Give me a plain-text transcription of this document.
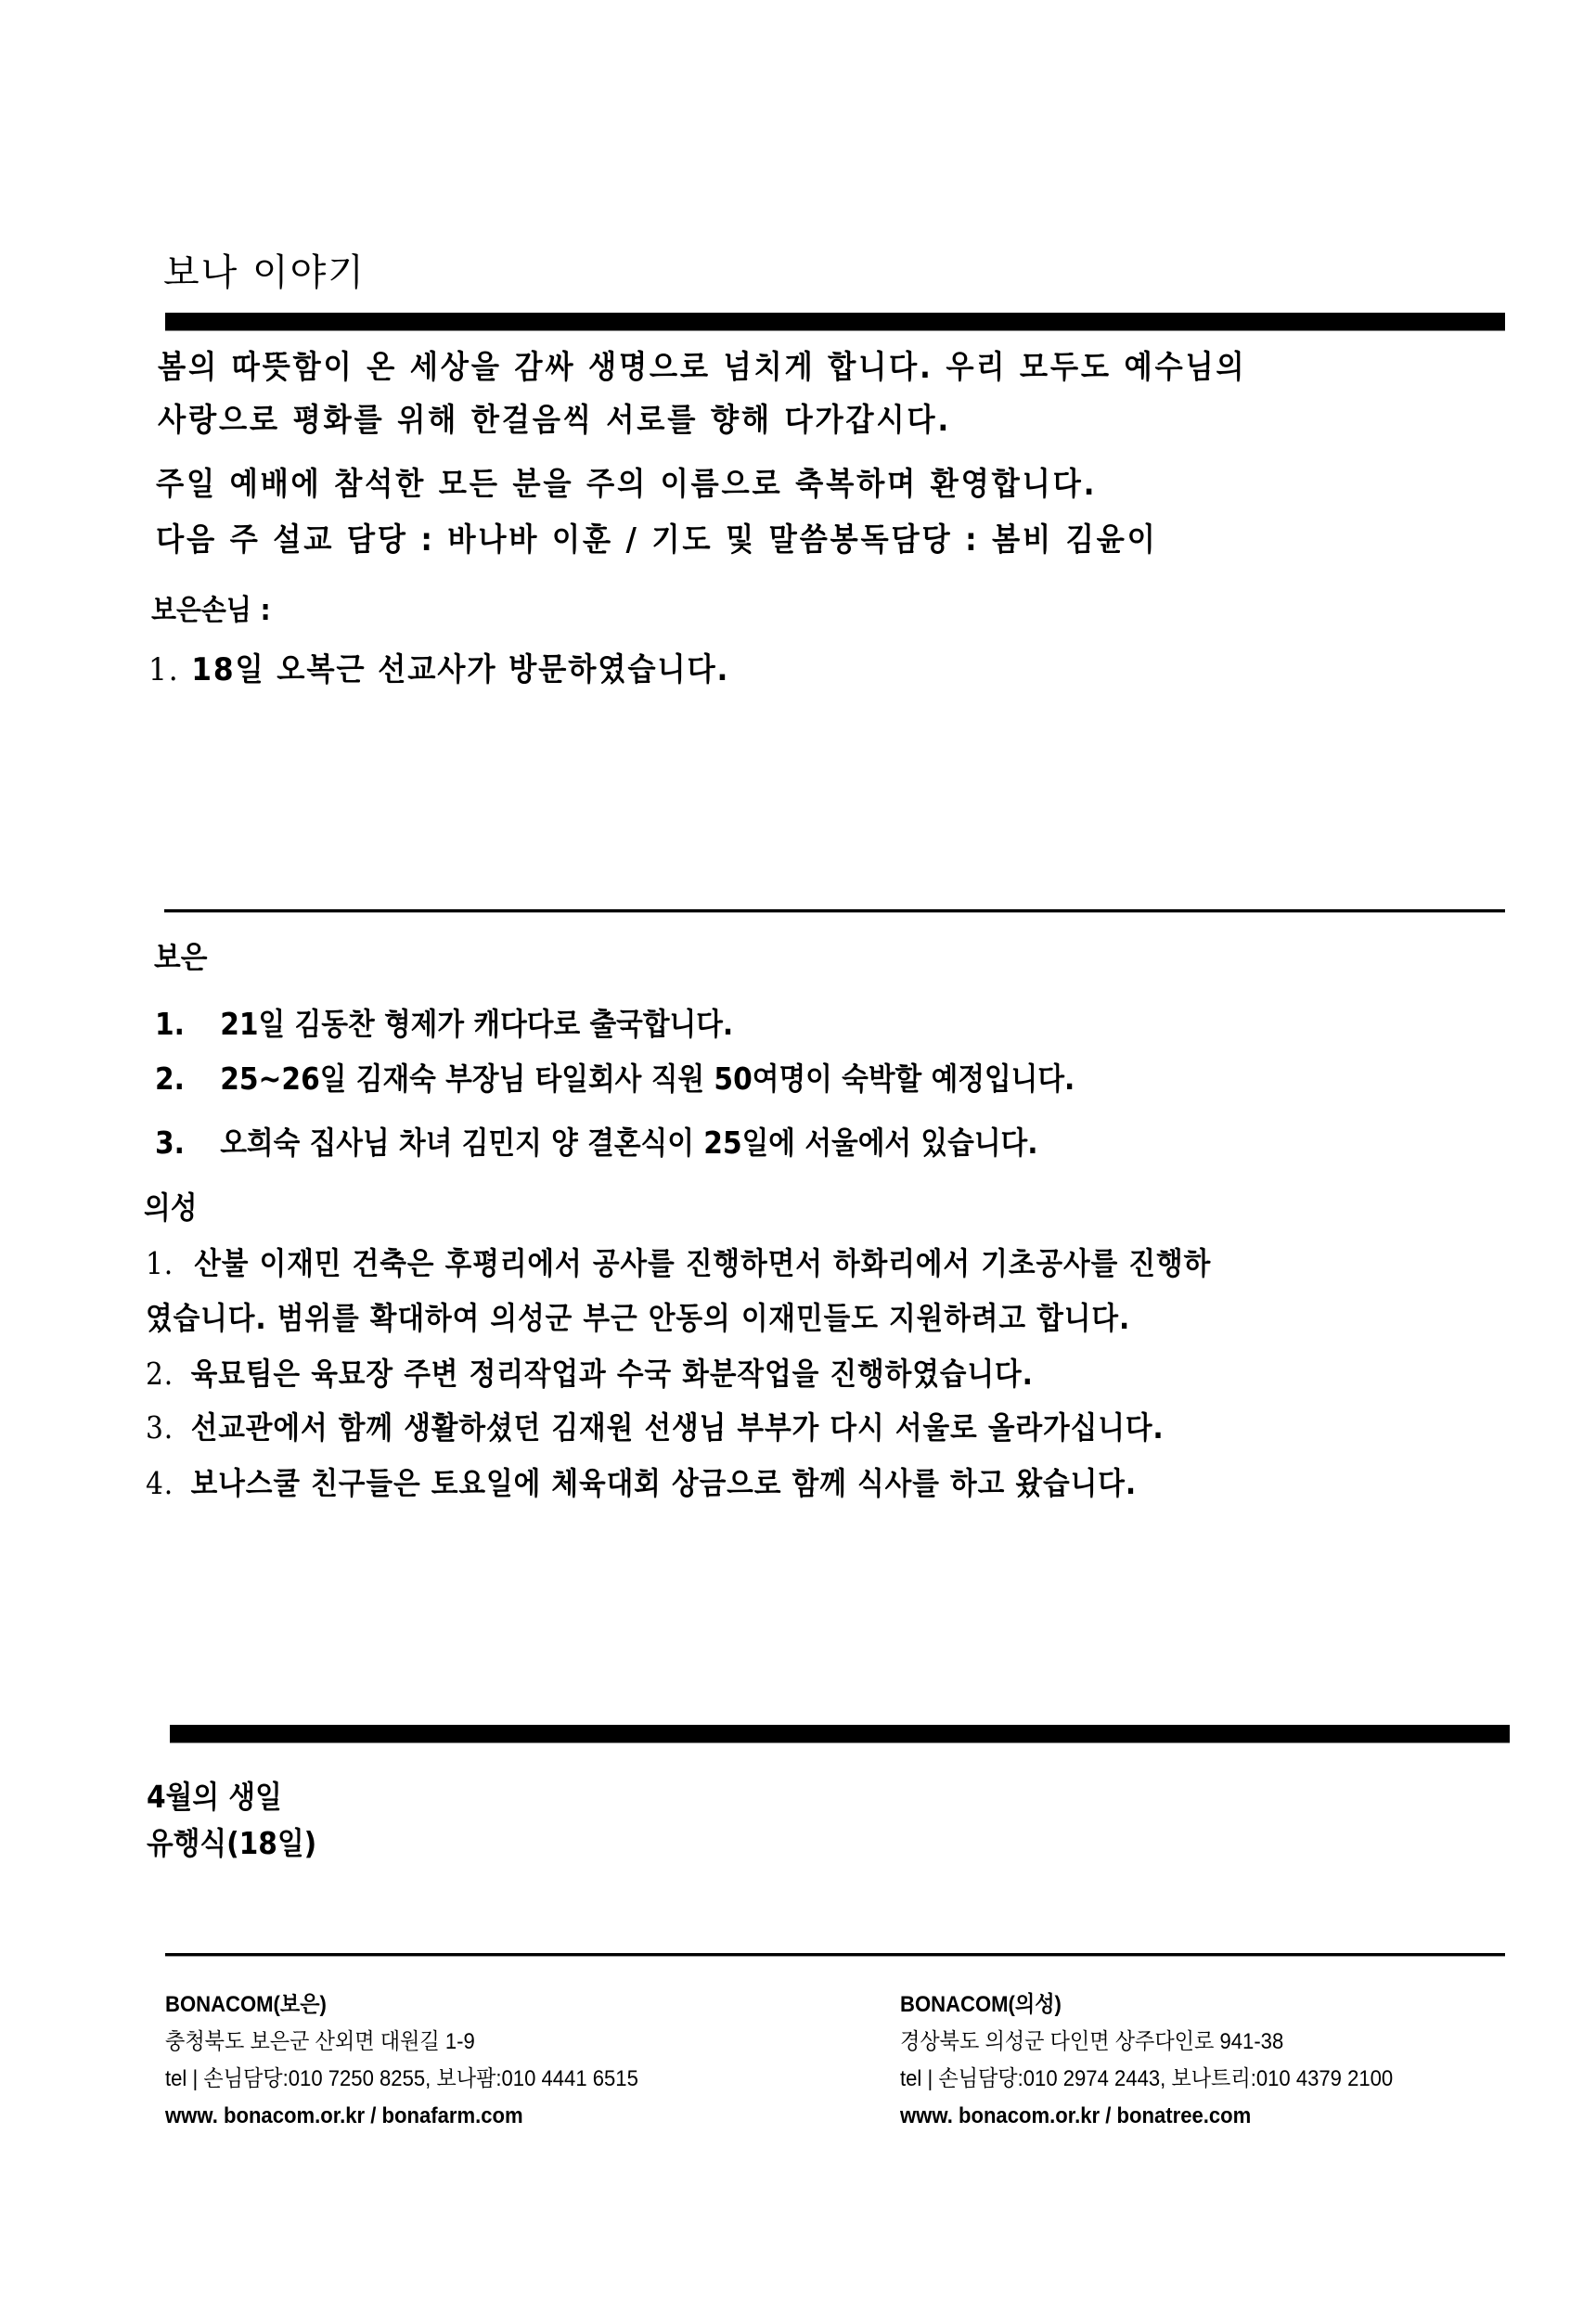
보나 이야기
봄의 따뜻함이 온 세상을 감싸 생명으로 넘치게 합니다. 우리 모두도 예수님의
사랑으로 평화를 위해 한걸음씩 서로를 향해 다가갑시다.
주일 예배에 참석한 모든 분을 주의 이름으로 축복하며 환영합니다.
다음 주 설교 담당 : 바나바 이훈 / 기도 및 말씀봉독담당 : 봄비 김윤이
보은손님 :
1. 18일 오복근 선교사가 방문하였습니다.
보은
1. 21일 김동찬 형제가 캐다다로 출국합니다.
2. 25~26일 김재숙 부장님 타일회사 직원 50여명이 숙박할 예정입니다.
3. 오희숙 집사님 차녀 김민지 양 결혼식이 25일에 서울에서 있습니다.
의성
1. 산불 이재민 건축은 후평리에서 공사를 진행하면서 하화리에서 기초공사를 진행하
였습니다. 범위를 확대하여 의성군 부근 안동의 이재민들도 지원하려고 합니다.
2. 육묘팀은 육묘장 주변 정리작업과 수국 화분작업을 진행하였습니다.
3. 선교관에서 함께 생활하셨던 김재원 선생님 부부가 다시 서울로 올라가십니다.
4. 보나스쿨 친구들은 토요일에 체육대회 상금으로 함께 식사를 하고 왔습니다.
4월의 생일
유행식(18일)
BONACOM(보은)
충청북도 보은군 산외면 대원길 1-9
tel | 손님담당:010 7250 8255, 보나팜:010 4441 6515
www. bonacom.or.kr / bonafarm.com
BONACOM(의성)
경상북도 의성군 다인면 상주다인로 941-38
tel | 손님담당:010 2974 2443, 보나트리:010 4379 2100
www. bonacom.or.kr / bonatree.com
